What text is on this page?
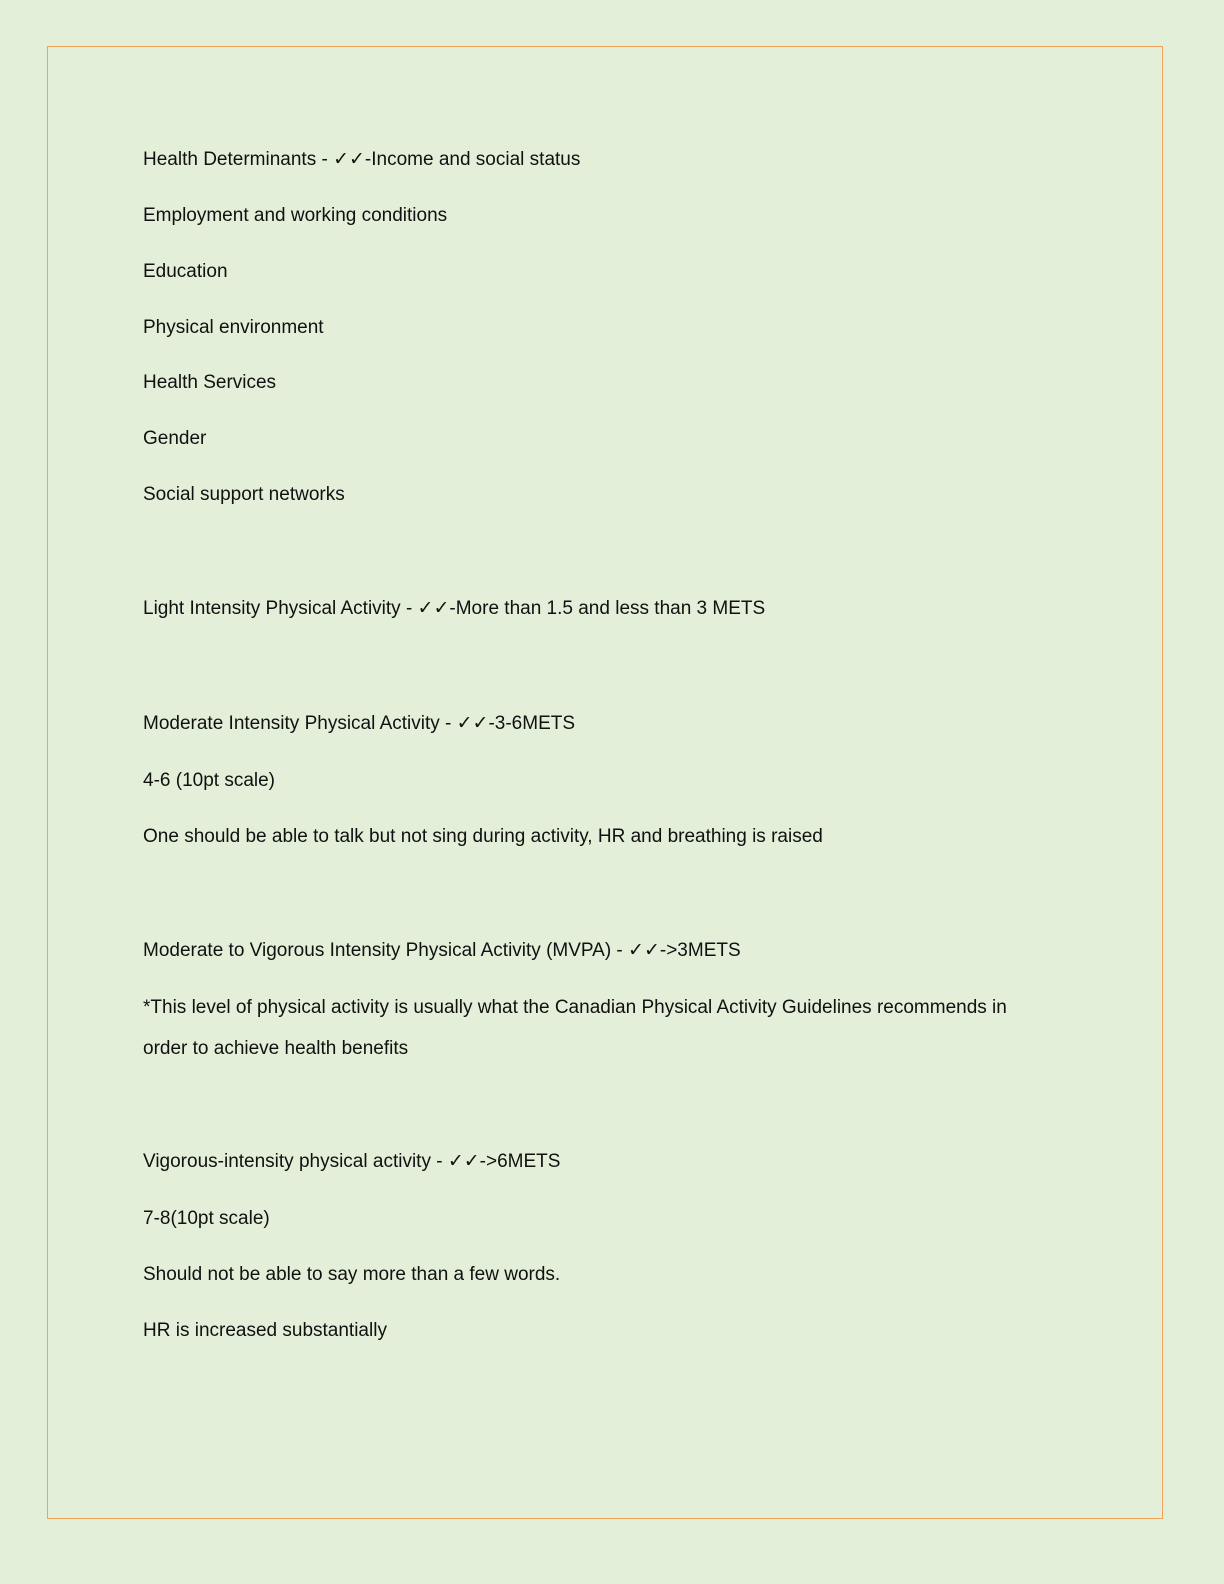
Health Determinants - ✓✓-Income and social status

Employment and working conditions

Education

Physical environment

Health Services

Gender

Social support networks

Light Intensity Physical Activity - ✓✓-More than 1.5 and less than 3 METS

Moderate Intensity Physical Activity - ✓✓-3-6METS

4-6 (10pt scale)

One should be able to talk but not sing during activity, HR and breathing is raised

Moderate to Vigorous Intensity Physical Activity (MVPA) - ✓✓->3METS

*This level of physical activity is usually what the Canadian Physical Activity Guidelines recommends in

order to achieve health benefits

Vigorous-intensity physical activity - ✓✓->6METS

7-8(10pt scale)

Should not be able to say more than a few words.

HR is increased substantially
